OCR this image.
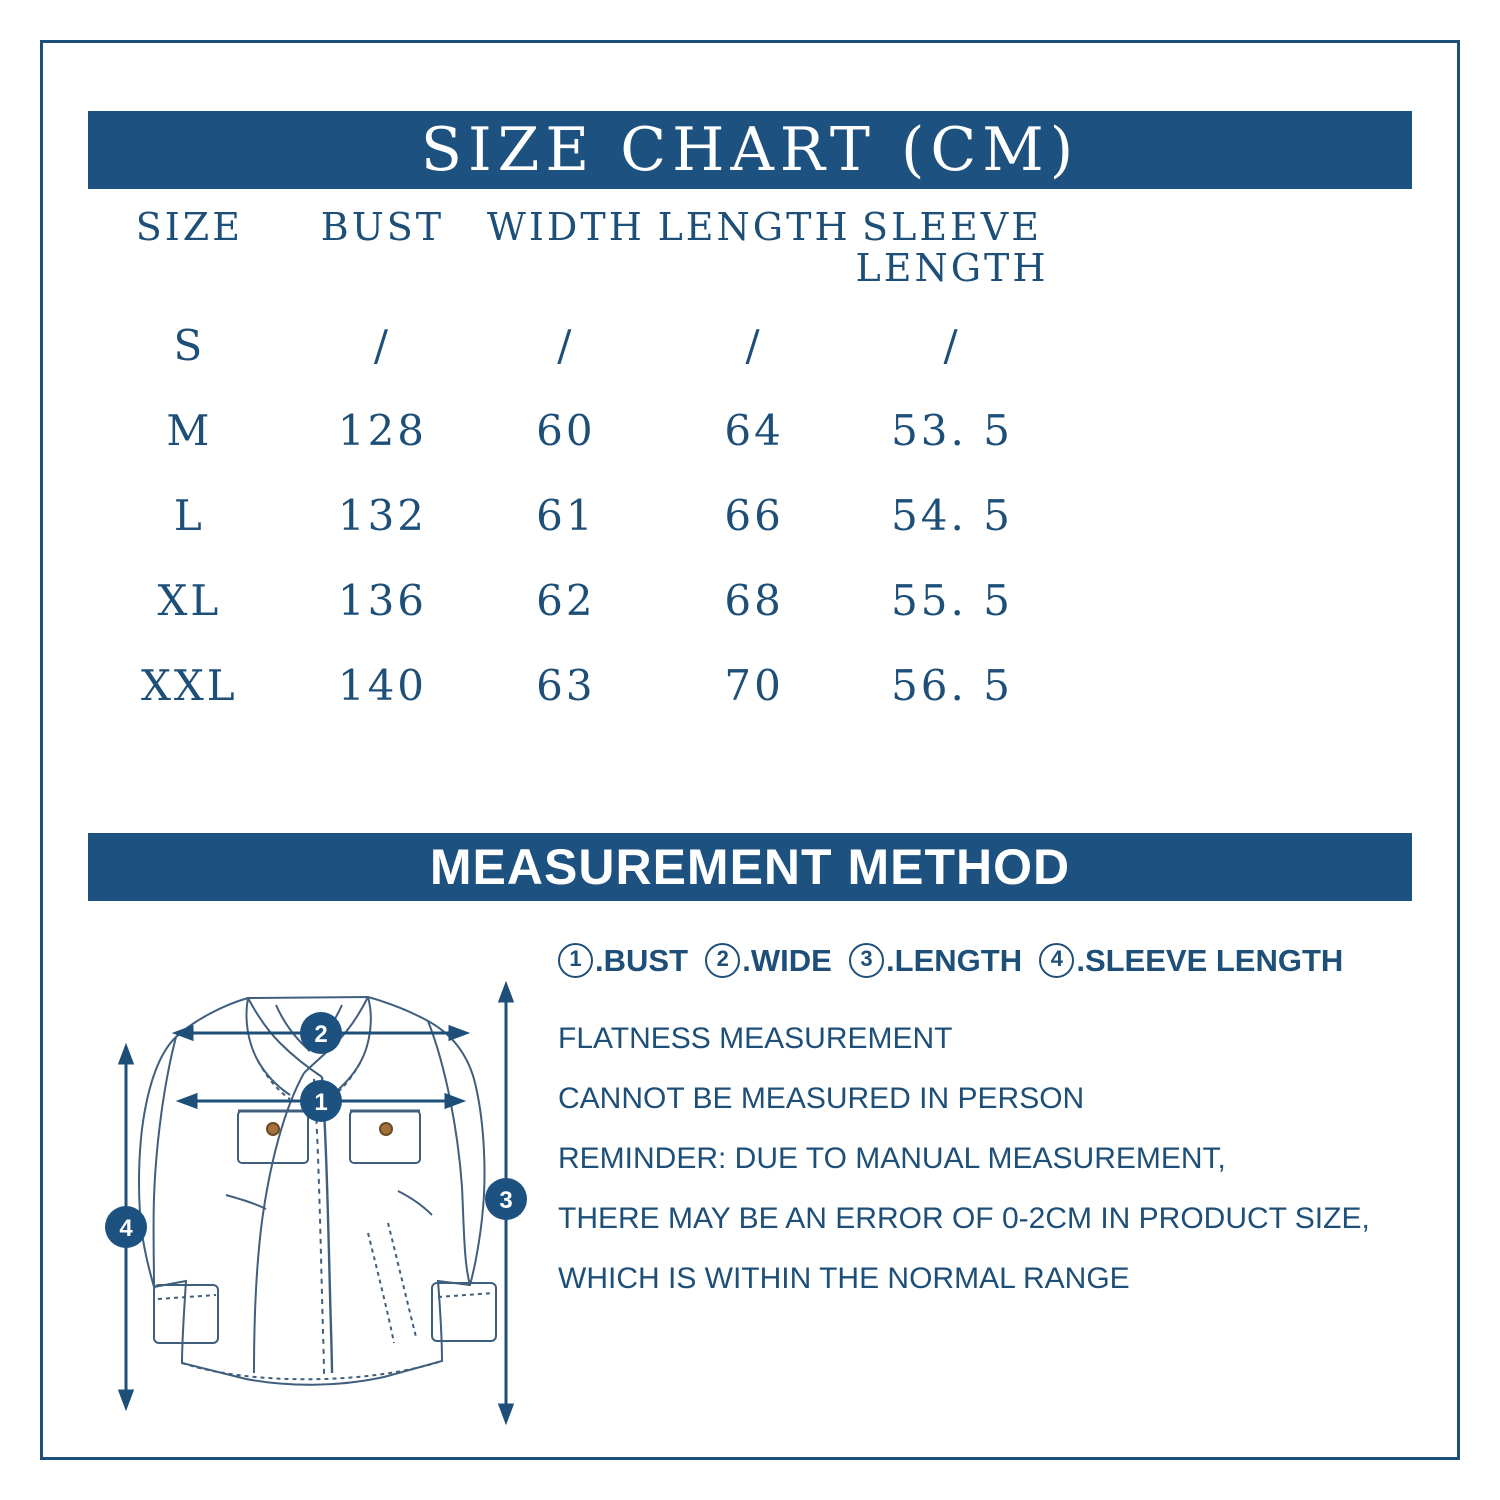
SIZE CHART (CM)
SIZE	BUST	WIDTH	LENGTH	SLEEVE
LENGTH
S	/	/	/	/
M	128	60	64	53. 5
L	132	61	66	54. 5
XL	136	62	68	55. 5
XXL	140	63	70	56. 5
MEASUREMENT METHOD
2
1
4
3
1 .BUST 2 .WIDE 3 .LENGTH 4 .SLEEVE LENGTH
FLATNESS MEASUREMENT
CANNOT BE MEASURED IN PERSON
REMINDER: DUE TO MANUAL MEASUREMENT,
THERE MAY BE AN ERROR OF 0-2CM IN PRODUCT SIZE,
WHICH IS WITHIN THE NORMAL RANGE
